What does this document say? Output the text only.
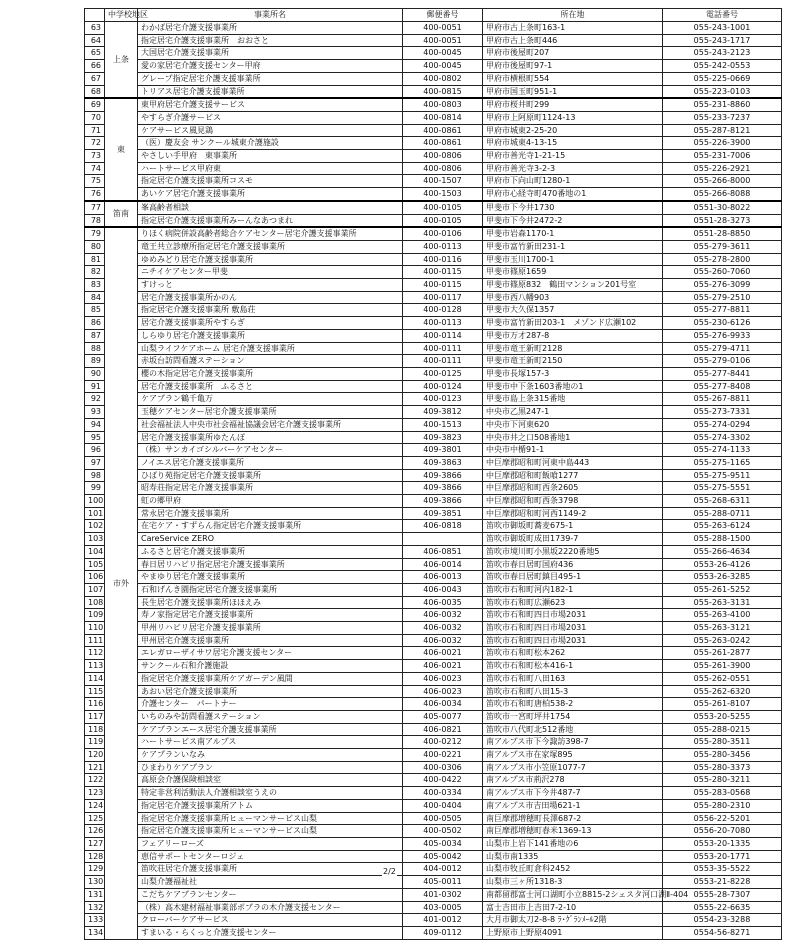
	中学校地区	事業所名	郵便番号	所在地	電話番号
63	上条	わかば居宅介護支援事業所	400-0051	甲府市古上条町163-1	055-243-1001
64		指定居宅介護支援事業所　おおさと	400-0051	甲府市古上条町446	055-243-1717
65		大国居宅介護支援事業所	400-0045	甲府市後屋町207	055-243-2123
66		愛の家居宅介護支援センター甲府	400-0045	甲府市後屋町97-1	055-242-0553
67		グレープ指定居宅介護支援事業所	400-0802	甲府市横根町554	055-225-0669
68		トリアス居宅介護支援事業所	400-0815	甲府市国玉町951-1	055-223-0103
69	東	東甲府居宅介護支援サービス	400-0803	甲府市桜井町299	055-231-8860
70		やすらぎ介護サービス	400-0814	甲府市上阿原町1124-13	055-233-7237
71		ケアサービス風見鶏	400-0861	甲府市城東2-25-20	055-287-8121
72		（医）慶友会 サンクール城東介護施設	400-0861	甲府市城東4-13-15	055-226-3900
73		やさしい手甲府　東事業所	400-0806	甲府市善光寺1-21-15	055-231-7006
74		ハートサービス甲府東	400-0806	甲府市善光寺3-2-3	055-226-2921
75		指定居宅介護支援事業所コスモ	400-1507	甲府市下向山町1280-1	055-266-8000
76		あいケア居宅介護支援事業所	400-1503	甲府市心経寺町470番地の1	055-266-8088
77	笛南	峯高齢者相談	400-0105	甲斐市下今井1730	0551-30-8022
78		指定居宅介護支援事業所みーんなあつまれ	400-0105	甲斐市下今井2472-2	0551-28-3273
79	市外	りほく病院併設高齢者総合ケアセンター居宅介護支援事業所	400-0106	甲斐市岩森1170-1	0551-28-8850
80		竜王共立診療所指定居宅介護支援事業所	400-0113	甲斐市富竹新田231-1	055-279-3611
81		ゆめみどり居宅介護支援事業所	400-0116	甲斐市玉川1700-1	055-278-2800
82		ニチイケアセンター甲斐	400-0115	甲斐市篠原1659	055-260-7060
83		すけっと	400-0115	甲斐市篠原832　鶴田マンション201号室	055-276-3099
84		居宅介護支援事業所かのん	400-0117	甲斐市西八幡903	055-279-2510
85		指定居宅介護支援事業所 敷島荘	400-0128	甲斐市大久保1357	055-277-8811
86		居宅介護支援事業所やすらぎ	400-0113	甲斐市富竹新田203-1　メゾンド広瀬102	055-230-6126
87		しらゆり居宅介護支援事業所	400-0114	甲斐市万才287-8	055-276-9933
88		山梨ライフケアホーム 居宅介護支援事業所	400-0111	甲斐市竜王新町2128	055-279-4711
89		赤坂台訪問看護ステーション	400-0111	甲斐市竜王新町2150	055-279-0106
90		櫻の木指定居宅介護支援事業所	400-0125	甲斐市長塚157-3	055-277-8441
91		居宅介護支援事業所　ふるさと	400-0124	甲斐市中下条1603番地の1	055-277-8408
92		ケアプラン鶴千亀万	400-0123	甲斐市島上条315番地	055-267-8811
93		玉穂ケアセンター居宅介護支援事業所	409-3812	中央市乙黒247-1	055-273-7331
94		社会福祉法人中央市社会福祉協議会居宅介護支援事業所	400-1513	中央市下河東620	055-274-0294
95		居宅介護支援事業所ゆたんぽ	409-3823	中央市井之口508番地1	055-274-3302
96		（株）サンカイゴシルバーケアセンター	409-3801	中央市中楯91-1	055-274-1133
97		ノイエス居宅介護支援事業所	409-3863	中巨摩郡昭和町河東中島443	055-275-1165
98		ひばり苑指定居宅介護支援事業所	409-3866	中巨摩郡昭和町飯喰1277	055-275-9511
99		昭寿荘指定居宅介護支援事業所	409-3866	中巨摩郡昭和町西条2605	055-275-5551
100		虹の郷甲府	409-3866	中巨摩郡昭和町西条3798	055-268-6311
101		常永居宅介護支援事業所	409-3851	中巨摩郡昭和町河西1149-2	055-288-0711
102		在宅ケア・すずらん指定居宅介護支援事業所	406-0818	笛吹市御坂町蕎麦675-1	055-263-6124
103		CareService ZERO		笛吹市御坂町成田1739-7	055-288-1500
104		ふるさと居宅介護支援事業所	406-0851	笛吹市境川町小黒坂2220番地5	055-266-4634
105		春日居リハビリ指定居宅介護支援事業所	406-0014	笛吹市春日居町国府436	0553-26-4126
106		やまゆり居宅介護支援事業所	406-0013	笛吹市春日居町鎮目495-1	0553-26-3285
107		石和げんき園指定居宅介護支援事業所	406-0043	笛吹市石和町河内182-1	055-261-5252
108		長生居宅介護支援事業所ほほえみ	406-0035	笛吹市石和町広瀬623	055-263-3131
109		寿ノ家指定居宅介護支援事業所	406-0032	笛吹市石和町四日市場2031	055-263-4100
110		甲州リハビリ居宅介護支援事業所	406-0032	笛吹市石和町四日市場2031	055-263-3121
111		甲州居宅介護支援事業所	406-0032	笛吹市石和町四日市場2031	055-263-0242
112		エレガローザイサワ居宅介護支援センター	406-0021	笛吹市石和町松本262	055-261-2877
113		サンクール石和介護施設	406-0021	笛吹市石和町松本416-1	055-261-3900
114		指定居宅介護支援事業所ケアガーデン風間	406-0023	笛吹市石和町八田163	055-262-0551
115		あおい居宅介護支援事業所	406-0023	笛吹市石和町八田15-3	055-262-6320
116		介護センター　パートナー	406-0034	笛吹市石和町唐柏538-2	055-261-8107
117		いちのみや訪問看護ステーション	405-0077	笛吹市一宮町坪井1754	0553-20-5255
118		ケアプランエース居宅介護支援事業所	406-0821	笛吹市八代町北512番地	055-288-0215
119		ハートサービス南アルプス	400-0212	南アルプス市下今諏訪398-7	055-280-3511
120		ケアプランいなみ	400-0221	南アルプス市在家塚895	055-280-3456
121		ひまわりケアプラン	400-0306	南アルプス市小笠原1077-7	055-280-3373
122		高原会介護保険相談室	400-0422	南アルプス市荊沢278	055-280-3211
123		特定非営利活動法人介護相談室うえの	400-0334	南アルプス市下今井487-7	055-283-0568
124		指定居宅介護支援事業所アトム	400-0404	南アルプス市吉田場621-1	055-280-2310
125		指定居宅介護支援事業所ヒューマンサービス山梨	400-0505	南巨摩郡増穂町長澤687-2	0556-22-5201
126		指定居宅介護支援事業所ヒューマンサービス山梨	400-0502	南巨摩郡増穂町舂米1369-13	0556-20-7080
127		フェアリーローズ	405-0034	山梨市上岩下141番地の6	0553-20-1335
128		恵信サポートセンターロジェ	405-0042	山梨市南1335	0553-20-1771
129		笛吹荘居宅介護支援事業所	404-0012	山梨市牧丘町倉科2452	0553-35-5522
130		山梨介護福祉社	405-0011	山梨市三ヶ所1318-3	0553-21-8228
131		こだちケアプランセンター	401-0302	南都留郡富士河口湖町小立8815-2シェスタ河口湖Ⅱ-404	0555-28-7307
132		（株）高木建材福祉事業部ポプラの木介護支援センター	403-0005	富士吉田市上吉田7-2-10	0555-22-6635
133		クローバーケアサービス	401-0012	大月市御太刀2-8-8 ﾗ･ｸﾞﾗﾝﾒｰﾙ2階	0554-23-3288
134		すまいる・らくっと介護支援センター	409-0112	上野原市上野原4091	0554-56-8271
2/2
